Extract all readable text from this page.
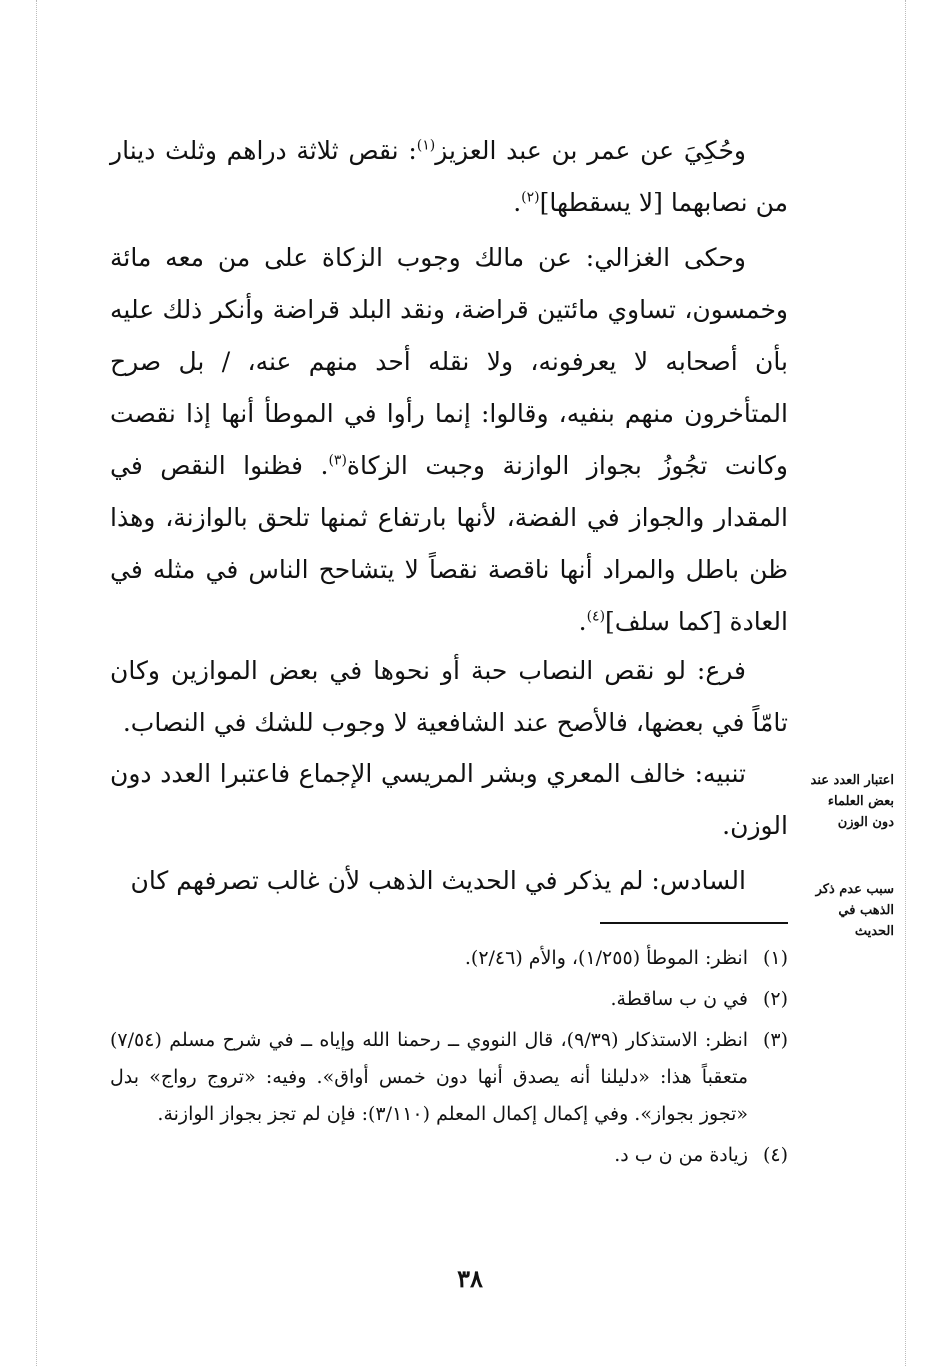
وحُكِيَ عن عمر بن عبد العزيز$^{(١)}$: نقص ثلاثة دراهم وثلث دينار من نصابهما [لا يسقطها]$^{(٢)}$.

وحكى الغزالي: عن مالك وجوب الزكاة على من معه مائة وخمسون، تساوي مائتين قراضة، ونقد البلد قراضة وأنكر ذلك عليه بأن أصحابه لا يعرفونه، ولا نقله أحد منهم عنه، / بل صرح المتأخرون منهم بنفيه، وقالوا: إنما رأوا في الموطأ أنها إذا نقصت وكانت تجُوزُ بجواز الوازنة وجبت الزكاة$^{(٣)}$. فظنوا النقص في المقدار والجواز في الفضة، لأنها بارتفاع ثمنها تلحق بالوازنة، وهذا ظن باطل والمراد أنها ناقصة نقصاً لا يتشاحح الناس في مثله في العادة [كما سلف]$^{(٤)}$.

فرع: لو نقص النصاب حبة أو نحوها في بعض الموازين وكان تامّاً في بعضها، فالأصح عند الشافعية لا وجوب للشك في النصاب.

تنبيه: خالف المعري وبشر المريسي الإجماع فاعتبرا العدد دون الوزن.

السادس: لم يذكر في الحديث الذهب لأن غالب تصرفهم كان

اعتبار العدد عند بعض العلماء دون الوزن
سبب عدم ذكر الذهب في الحديث
(١)
انظر: الموطأ (١/٢٥٥)، والأم (٢/٤٦).
(٢)
في ن ب ساقطة.
(٣)
انظر: الاستذكار (٩/٣٩)، قال النووي ــ رحمنا الله وإياه ــ في شرح مسلم (٧/٥٤) متعقباً هذا: «دليلنا أنه يصدق أنها دون خمس أواق». وفيه: «تروج رواج» بدل «تجوز بجواز». وفي إكمال إكمال المعلم (٣/١١٠): فإن لم تجز بجواز الوازنة.
(٤)
زيادة من ن ب د.
٣٨
